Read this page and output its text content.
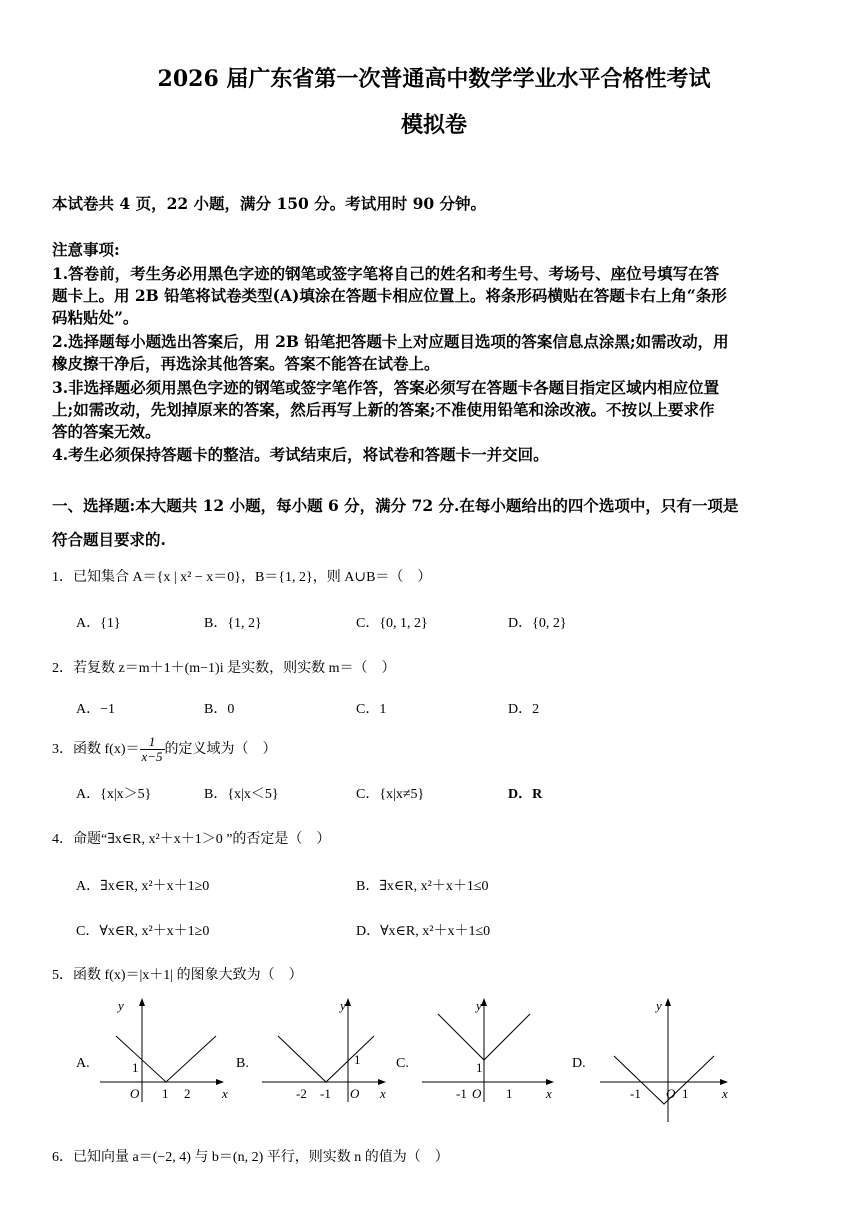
2026 届广东省第一次普通高中数学学业水平合格性考试
模拟卷
本试卷共 4 页，22 小题，满分 150 分。考试用时 90 分钟。
注意事项:
1.答卷前，考生务必用黑色字迹的钢笔或签字笔将自己的姓名和考生号、考场号、座位号填写在答
题卡上。用 2B 铅笔将试卷类型(A)填涂在答题卡相应位置上。将条形码横贴在答题卡右上角“条形
码粘贴处”。
2.选择题每小题选出答案后，用 2B 铅笔把答题卡上对应题目选项的答案信息点涂黑;如需改动，用
橡皮擦干净后，再选涂其他答案。答案不能答在试卷上。
3.非选择题必须用黑色字迹的钢笔或签字笔作答，答案必须写在答题卡各题目指定区域内相应位置
上;如需改动，先划掉原来的答案，然后再写上新的答案;不准使用铅笔和涂改液。不按以上要求作
答的答案无效。
4.考生必须保持答题卡的整洁。考试结束后，将试卷和答题卡一并交回。
一、选择题:本大题共 12 小题，每小题 6 分，满分 72 分.在每小题给出的四个选项中，只有一项是
符合题目要求的.
1．已知集合 A＝{x | x² − x＝0}，B＝{1, 2}，则 A∪B＝（　）
A．{1}	B．{1, 2}	C．{0, 1, 2}	D．{0, 2}
2．若复数 z＝m＋1＋(m−1)i 是实数，则实数 m＝（　）
A．−1	B．0	C．1	D．2
3．函数 $f(x)= \frac{1}{x-5}$ 的定义域为（　）
A．{x|x＞5}	B．{x|x＜5}	C．{x|x≠5}	D．R
4．命题“∃x∈R, x²＋x＋1＞0 ”的否定是（　）
A．∃x∈R, x²＋x＋1≥0	B．∃x∈R, x²＋x＋1≤0
C．∀x∈R, x²＋x＋1≥0	D．∀x∈R, x²＋x＋1≤0
5．函数 f(x)＝|x＋1| 的图象大致为（　）
A.
y
x
O 1 2
1	B.
y
x
O
-2 -1
1	C.
y
x
O
-1	1
1	D.
y
x
O
-1	1
6．已知向量 a＝(−2, 4) 与 b＝(n, 2) 平行，则实数 n 的值为（　）
